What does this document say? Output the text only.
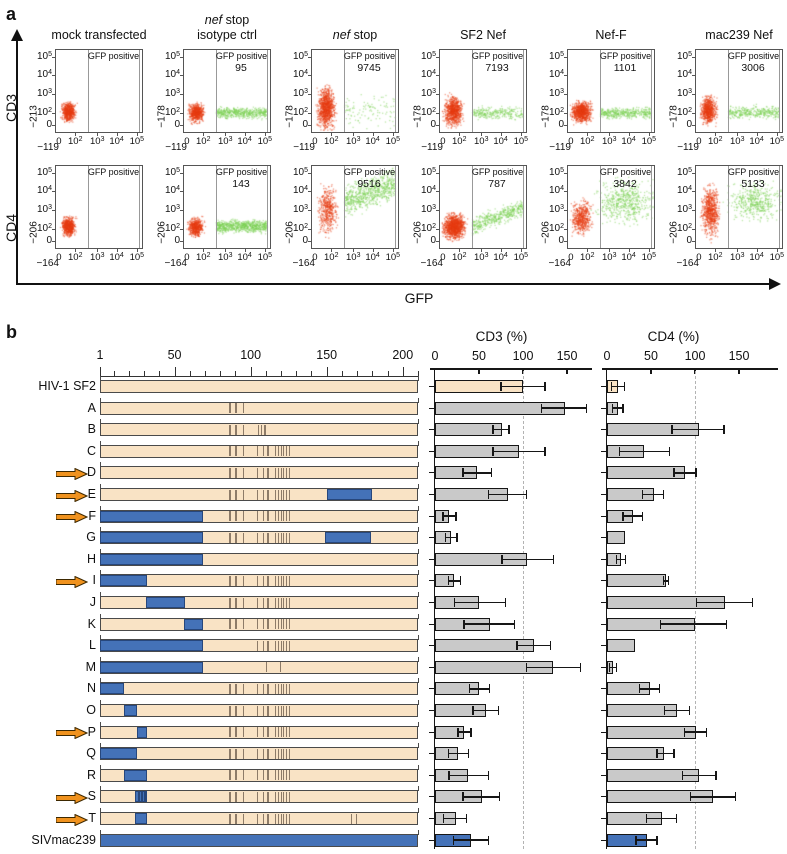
a
b
CD3
CD4
GFP
CD3 (%)	CD4 (%)
GFP positive
$10^5$
$10^4$
$10^3$
$10^2$
0
−213
0 $10^2$ $10^3$ $10^4$ $10^5$
−119
mock transfected
GFP positive
95
$10^5$
$10^4$
$10^3$
$10^2$
0
−178
0 $10^2$ $10^3$ $10^4$ $10^5$
−119
nef stop
isotype ctrl
GFP positive
9745
$10^5$
$10^4$
$10^3$
$10^2$
0
−178
0 $10^2$ $10^3$ $10^4$ $10^5$
−119
nef stop
GFP positive
7193
$10^5$
$10^4$
$10^3$
$10^2$
0
−178
0 $10^2$ $10^3$ $10^4$ $10^5$
−119
SF2 Nef
GFP positive
1101
$10^5$
$10^4$
$10^3$
$10^2$
0
−178
0 $10^2$ $10^3$ $10^4$ $10^5$
−119
Nef-F
GFP positive
3006
$10^5$
$10^4$
$10^3$
$10^2$
0
−178
0 $10^2$ $10^3$ $10^4$ $10^5$
−119
mac239 Nef
GFP positive
$10^5$
$10^4$
$10^3$
$10^2$
0
−206
0 $10^2$ $10^3$ $10^4$ $10^5$
−164
GFP positive
143
$10^5$
$10^4$
$10^3$
$10^2$
0
−206
0 $10^2$ $10^3$ $10^4$ $10^5$
−164
GFP positive
9516
$10^5$
$10^4$
$10^3$
$10^2$
0
−206
0 $10^2$ $10^3$ $10^4$ $10^5$
−164
GFP positive
787
$10^5$
$10^4$
$10^3$
$10^2$
0
−206
0 $10^2$ $10^3$ $10^4$ $10^5$
−164
GFP positive
3842
$10^5$
$10^4$
$10^3$
$10^2$
0
−206
0 $10^2$ $10^3$ $10^4$ $10^5$
−164
GFP positive
5133
$10^5$
$10^4$
$10^3$
$10^2$
0
−206
0 $10^2$ $10^3$ $10^4$ $10^5$
−164
1	50	100	150	200	0	50	100	150	0	50	100	150
HIV-1 SF2
A
B
C
D
E
F
G
H
I
J
K
L
M
N
O
P
Q
R
S
T
SIVmac239
